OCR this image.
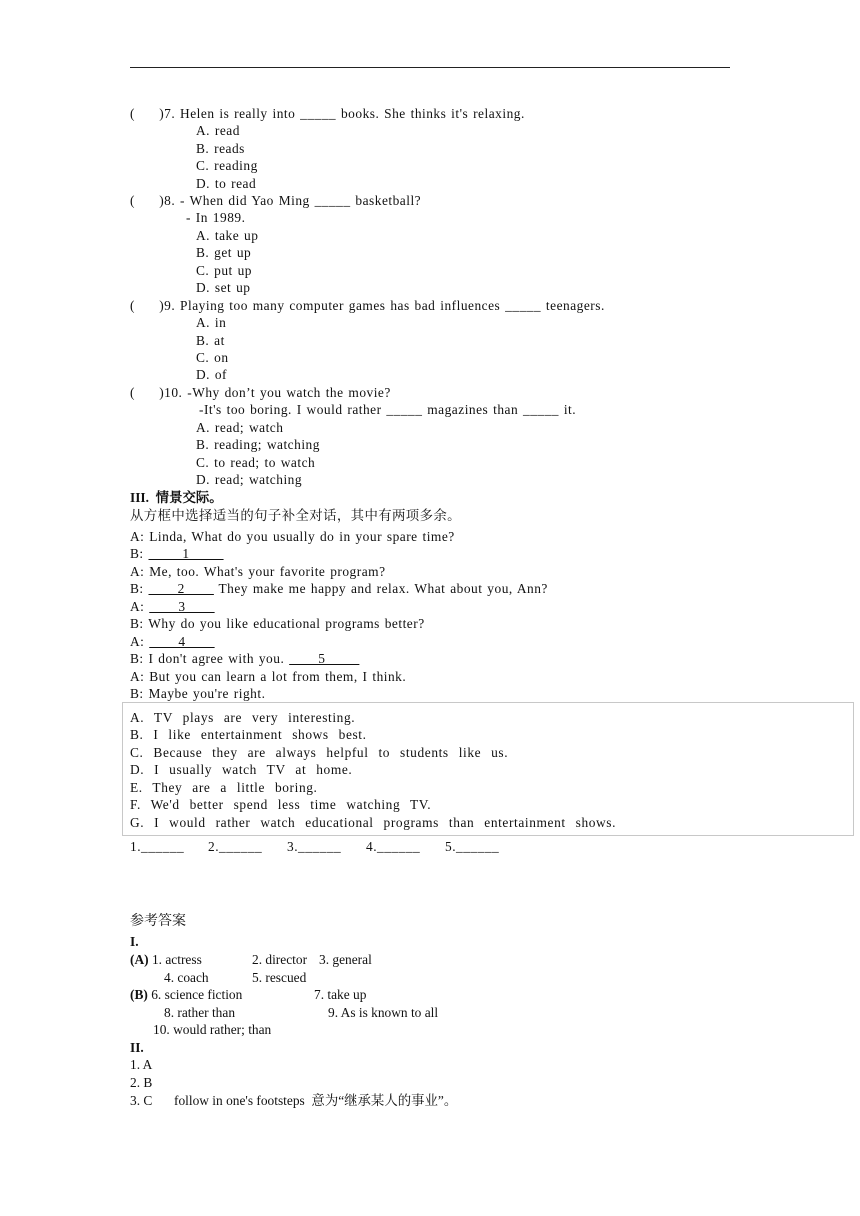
(     )7. Helen is really into _____ books. She thinks it's relaxing.
A. read
B. reads
C. reading
D. to read
(     )8. - When did Yao Ming _____ basketball?
- In 1989.
A. take up
B. get up
C. put up
D. set up
(     )9. Playing too many computer games has bad influences _____ teenagers.
A. in
B. at
C. on
D. of
(     )10. -Why don’t you watch the movie?
-It's too boring. I would rather _____ magazines than _____ it.
A. read; watch
B. reading; watching
C. to read; to watch
D. read; watching
III.  情景交际。
从方框中选择适当的句子补全对话，其中有两项多余。
A: Linda, What do you usually do in your spare time?
B:        1
A: Me, too. What's your favorite program?
B:       2       They make me happy and relax. What about you, Ann?
A:       3
B: Why do you like educational programs better?
A:       4
B: I don't agree with you.       5
A: But you can learn a lot from them, I think.
B: Maybe you're right.
A. TV plays are very interesting.
B. I like entertainment shows best.
C. Because they are always helpful to students like us.
D. I usually watch TV at home.
E. They are a little boring.
F. We'd better spend less time watching TV.
G. I would rather watch educational programs than entertainment shows.
1.______ 2.______ 3.______ 4.______ 5.______
参考答案
I.
(A) 1. actress	2. director 3. general
4. coach	5. rescued
(B) 6. science fiction	7. take up
8. rather than	9. As is known to all
10. would rather; than
II.
1. A
2. B
3. C follow in one's footsteps  意为“继承某人的事业”。
